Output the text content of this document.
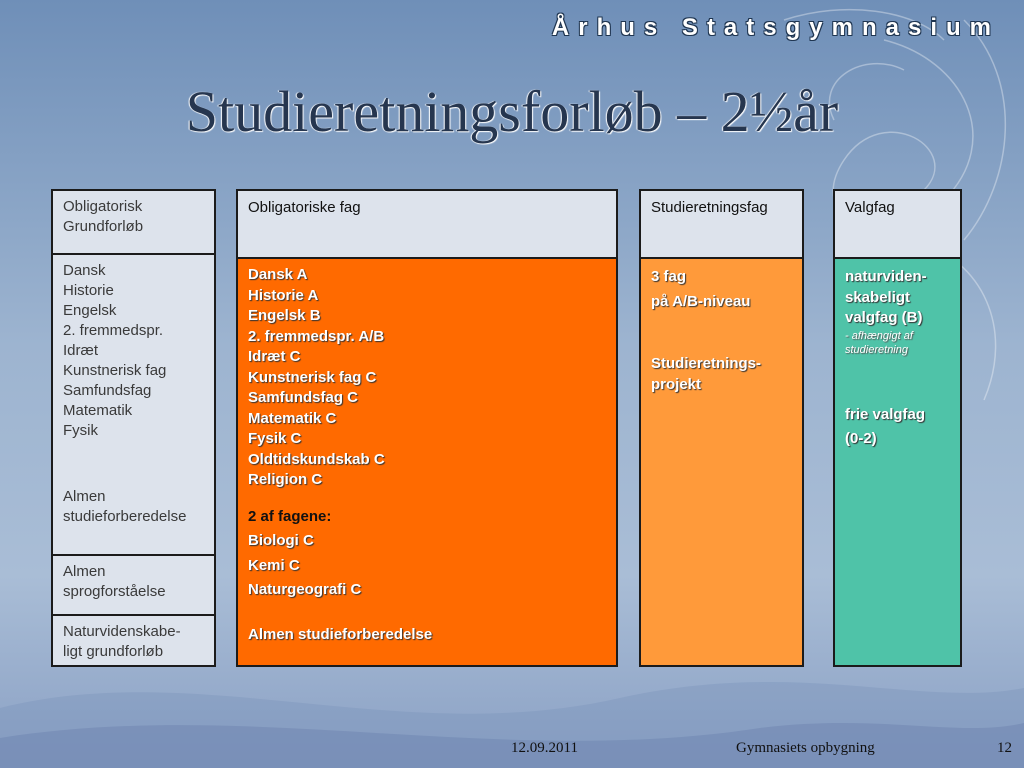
Århus Statsgymnasium
Studieretningsforløb – 2½år
Obligatorisk
Grundforløb
Dansk
Historie
Engelsk
2. fremmedspr.
Idræt
Kunstnerisk fag
Samfundsfag
Matematik
Fysik
Almen
studieforberedelse
Almen
sprogforståelse
Naturvidenskabe-
ligt grundforløb
Obligatoriske fag
Dansk A
Historie A
Engelsk B
2. fremmedspr. A/B
Idræt C
Kunstnerisk fag C
Samfundsfag C
Matematik C
Fysik C
Oldtidskundskab C
Religion C
2 af fagene:
Biologi C
Kemi C
Naturgeografi C
Almen studieforberedelse
Studieretningsfag
3 fag
på A/B-niveau
Studieretnings-
projekt
Valgfag
naturviden-
skabeligt
valgfag (B)
- afhængigt af
studieretning
frie valgfag
(0-2)
12.09.2011	Gymnasiets opbygning	12
